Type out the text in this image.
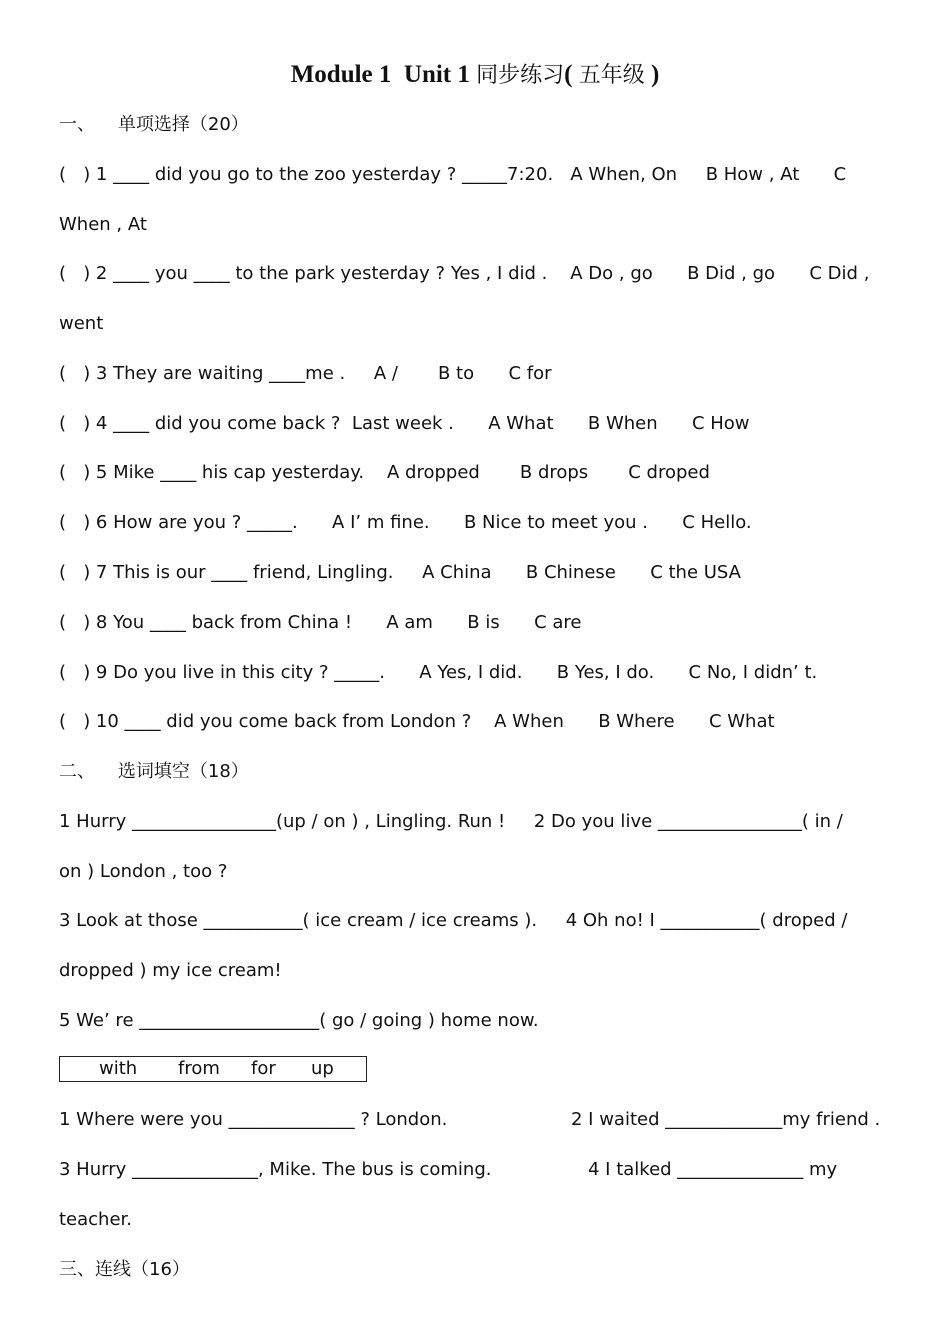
Module 1  Unit 1 同步练习( 五年级 )
一、    单项选择（20）
(   ) 1 ____ did you go to the zoo yesterday ? _____7:20.   A When, On     B How , At      C
When , At
(   ) 2 ____ you ____ to the park yesterday ? Yes , I did .    A Do , go      B Did , go      C Did ,
went
(   ) 3 They are waiting ____me .     A /       B to      C for
(   ) 4 ____ did you come back ?  Last week .      A What      B When      C How
(   ) 5 Mike ____ his cap yesterday.    A dropped       B drops       C droped
(   ) 6 How are you ? _____.      A I’ m fine.      B Nice to meet you .      C Hello.
(   ) 7 This is our ____ friend, Lingling.     A China      B Chinese      C the USA
(   ) 8 You ____ back from China !      A am      B is      C are
(   ) 9 Do you live in this city ? _____.      A Yes, I did.      B Yes, I do.      C No, I didn’ t.
(   ) 10 ____ did you come back from London ?    A When      B Where      C What
二、    选词填空（18）
1 Hurry ________________(up / on ) , Lingling. Run !     2 Do you live ________________( in /
on ) London , too ?
3 Look at those ___________( ice cream / ice creams ).     4 Oh no! I ___________( droped /
dropped ) my ice cream!
5 We’ re ____________________( go / going ) home now.

with

from

for

up

1 Where were you ______________ ? London.	2 I waited _____________my friend .
3 Hurry ______________, Mike. The bus is coming.	4 I talked ______________ my
teacher.
三、连线（16）
